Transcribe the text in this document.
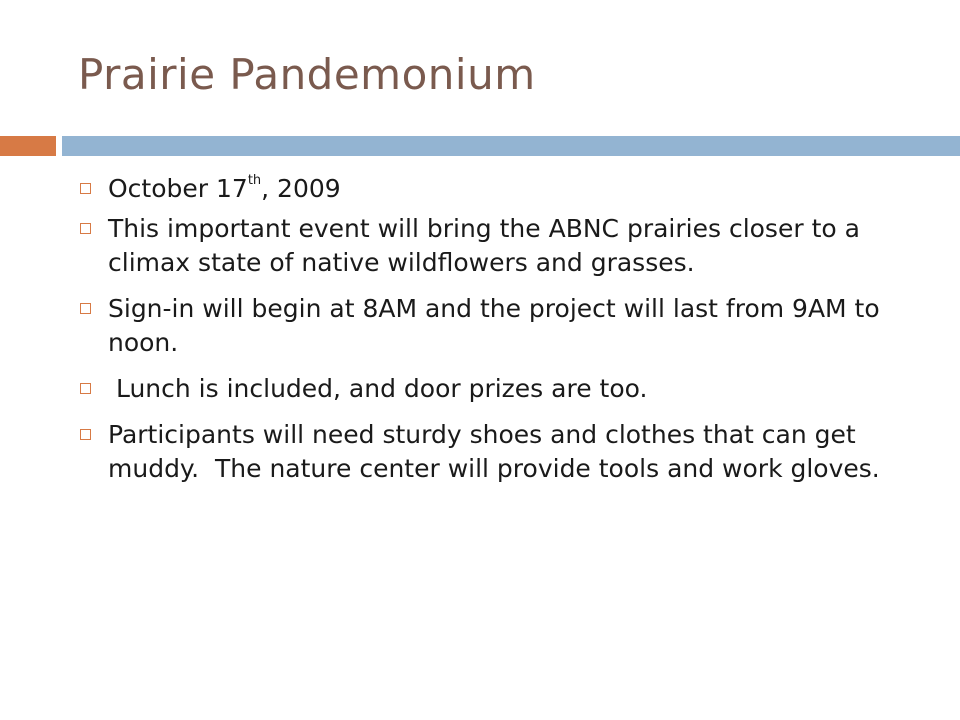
Prairie Pandemonium
October 17th, 2009
This important event will bring the ABNC prairies closer to a climax state of native wildflowers and grasses.
Sign-in will begin at 8AM and the project will last from 9AM to noon.
Lunch is included, and door prizes are too.
Participants will need sturdy shoes and clothes that can get muddy.  The nature center will provide tools and work gloves.
